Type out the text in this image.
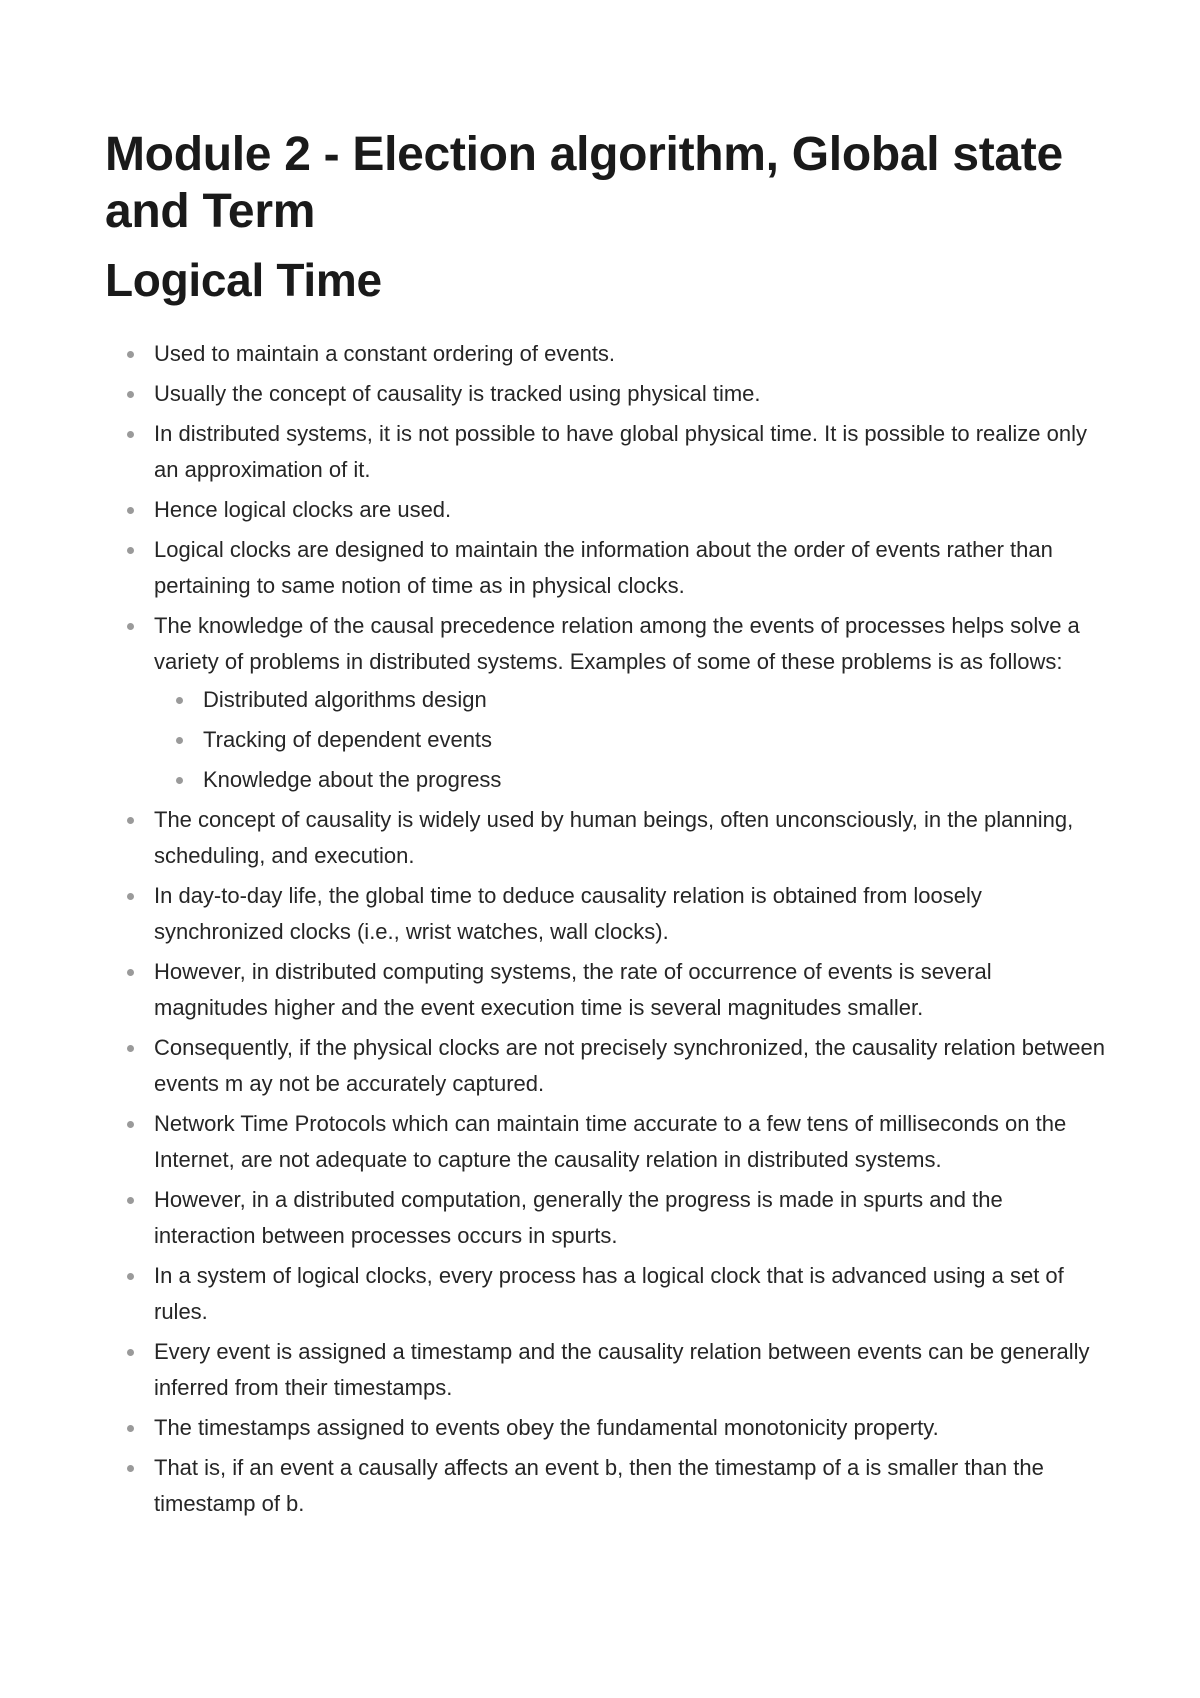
Module 2 - Election algorithm, Global state and Term
Logical Time
Used to maintain a constant ordering of events.
Usually the concept of causality is tracked using physical time.
In distributed systems, it is not possible to have global physical time. It is possible to realize only an approximation of it.
Hence logical clocks are used.
Logical clocks are designed to maintain the information about the order of events rather than pertaining to same notion of time as in physical clocks.
The knowledge of the causal precedence relation among the events of processes helps solve a variety of problems in distributed systems. Examples of some of these problems is as follows:
Distributed algorithms design
Tracking of dependent events
Knowledge about the progress
The concept of causality is widely used by human beings, often unconsciously, in the planning, scheduling, and execution.
In day-to-day life, the global time to deduce causality relation is obtained from loosely synchronized clocks (i.e., wrist watches, wall clocks).
However, in distributed computing systems, the rate of occurrence of events is several magnitudes higher and the event execution time is several magnitudes smaller.
Consequently, if the physical clocks are not precisely synchronized, the causality relation between events m ay not be accurately captured.
Network Time Protocols which can maintain time accurate to a few tens of milliseconds on the Internet, are not adequate to capture the causality relation in distributed systems.
However, in a distributed computation, generally the progress is made in spurts and the interaction between processes occurs in spurts.
In a system of logical clocks, every process has a logical clock that is advanced using a set of rules.
Every event is assigned a timestamp and the causality relation between events can be generally inferred from their timestamps.
The timestamps assigned to events obey the fundamental monotonicity property.
That is, if an event a causally affects an event b, then the timestamp of a is smaller than the timestamp of b.
